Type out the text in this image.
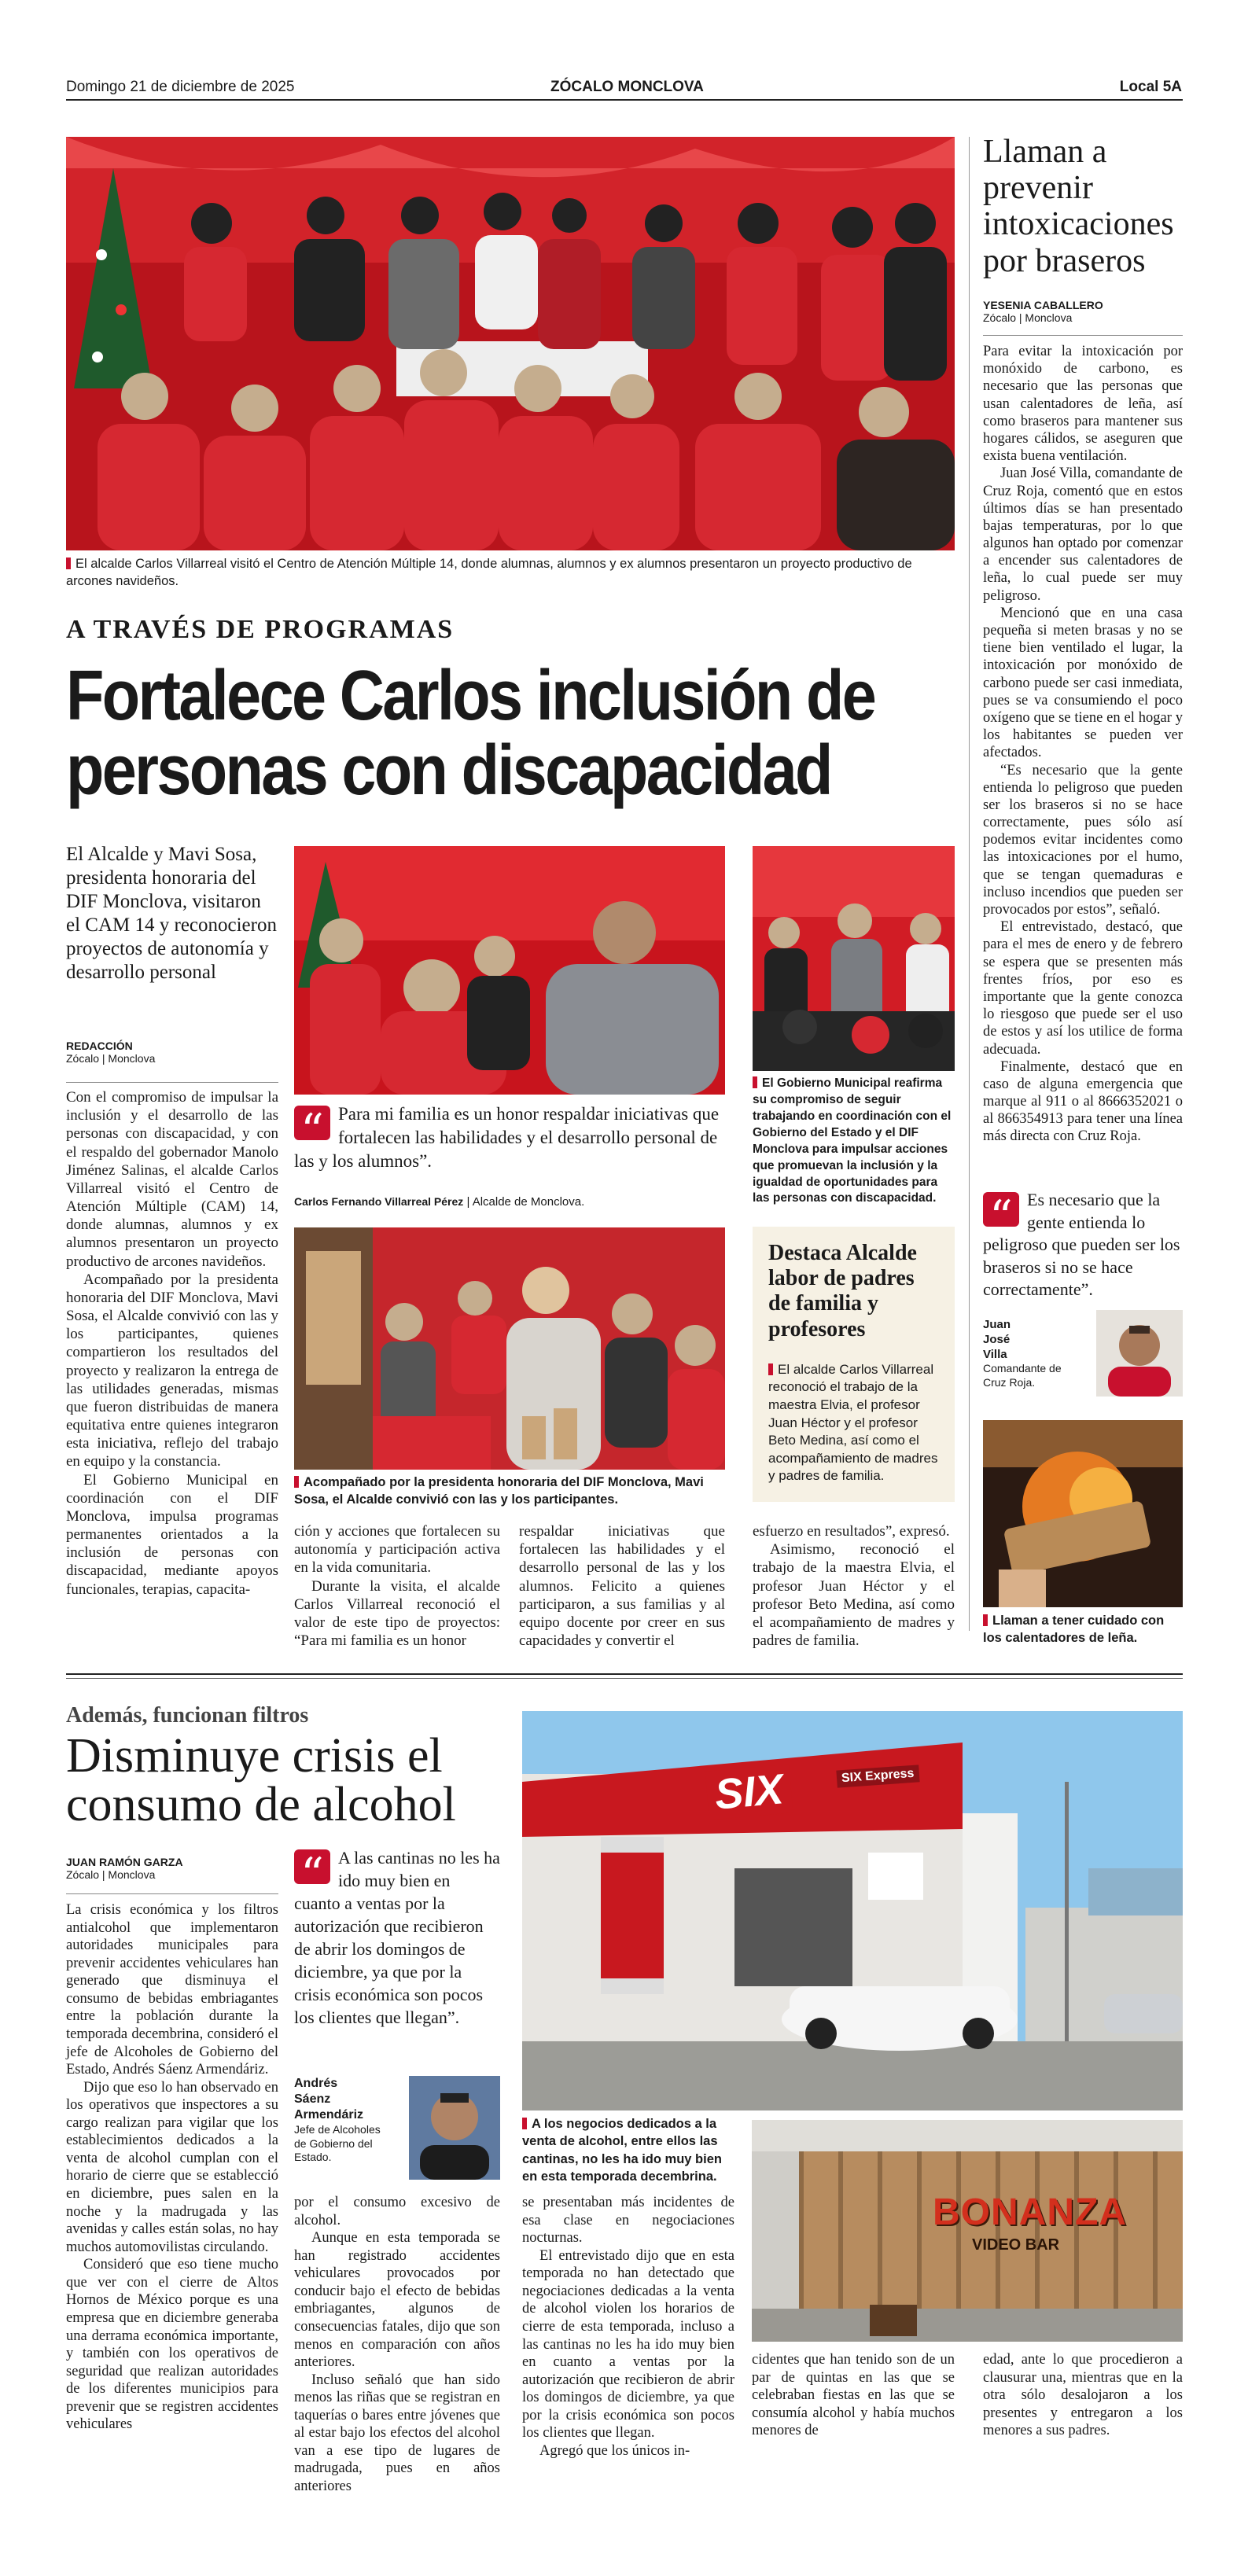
Domingo 21 de diciembre de 2025	ZÓCALO MONCLOVA	Local 5A
El alcalde Carlos Villarreal visitó el Centro de Atención Múltiple 14, donde alumnas, alumnos y ex alumnos presentaron un proyecto productivo de arcones navideños.
A TRAVÉS DE PROGRAMAS
Fortalece Carlos inclusión de personas con discapacidad
El Alcalde y Mavi Sosa, presidenta honoraria del DIF Monclova, visitaron el CAM 14 y reconocieron proyectos de autonomía y desarrollo personal
REDACCIÓN
Zócalo | Monclova
El Gobierno Municipal reafirma su compromiso de seguir trabajando en coordinación con el Gobierno del Estado y el DIF Monclova para impulsar acciones que promuevan la inclusión y la igualdad de oportunidades para las personas con discapacidad.
“ Para mi familia es un honor respaldar iniciativas que fortalecen las habilidades y el desarrollo personal de las y los alumnos”.
Carlos Fernando Villarreal Pérez | Alcalde de Monclova.
Acompañado por la presidenta honoraria del DIF Monclova, Mavi Sosa, el Alcalde convivió con las y los participantes.
Destaca Alcalde labor de padres de familia y profesores
El alcalde Carlos Villarreal reconoció el trabajo de la maestra Elvia, el profesor Juan Héctor y el profesor Beto Medina, así como el acompañamiento de madres y padres de familia.

Con el compromiso de impulsar la inclusión y el desarrollo de las personas con discapacidad, y con el respaldo del gobernador Manolo Jiménez Salinas, el alcalde Carlos Villarreal visitó el Centro de Atención Múltiple (CAM) 14, donde alumnas, alumnos y ex alumnos presentaron un proyecto productivo de arcones navideños.

Acompañado por la presidenta honoraria del DIF Monclova, Mavi Sosa, el Alcalde convivió con las y los participantes, quienes compartieron los resultados del proyecto y realizaron la entrega de las utilidades generadas, mismas que fueron distribuidas de manera equitativa entre quienes integraron esta iniciativa, reflejo del trabajo en equipo y la constancia.

El Gobierno Municipal en coordinación con el DIF Monclova, impulsa programas permanentes orientados a la inclusión de personas con discapacidad, mediante apoyos funcionales, terapias, capacita-

ción y acciones que fortalecen su autonomía y participación activa en la vida comunitaria.

Durante la visita, el alcalde Carlos Villarreal reconoció el valor de este tipo de proyectos: “Para mi familia es un honor

respaldar iniciativas que fortalecen las habilidades y el desarrollo personal de las y los alumnos. Felicito a quienes participaron, a sus familias y al equipo docente por creer en sus capacidades y convertir el

esfuerzo en resultados”, expresó.

Asimismo, reconoció el trabajo de la maestra Elvia, el profesor Juan Héctor y el profesor Beto Medina, así como el acompañamiento de madres y padres de familia.

Llaman a prevenir intoxicaciones por braseros
YESENIA CABALLERO
Zócalo | Monclova

Para evitar la intoxicación por monóxido de carbono, es necesario que las personas que usan calentadores de leña, así como braseros para mantener sus hogares cálidos, se aseguren que exista buena ventilación.

Juan José Villa, comandante de Cruz Roja, comentó que en estos últimos días se han presentado bajas temperaturas, por lo que algunos han optado por comenzar a encender sus calentadores de leña, lo cual puede ser muy peligroso.

Mencionó que en una casa pequeña si meten brasas y no se tiene bien ventilado el lugar, la intoxicación por monóxido de carbono puede ser casi inmediata, pues se va consumiendo el poco oxígeno que se tiene en el hogar y los habitantes se pueden ver afectados.

“Es necesario que la gente entienda lo peligroso que pueden ser los braseros si no se hace correctamente, pues sólo así podemos evitar incidentes como las intoxicaciones por el humo, que se tengan quemaduras e incluso incendios que pueden ser provocados por estos”, señaló.

El entrevistado, destacó, que para el mes de enero y de febrero se espera que se presenten más frentes fríos, por eso es importante que la gente conozca lo riesgoso que puede ser el uso de estos y así los utilice de forma adecuada.

Finalmente, destacó que en caso de alguna emergencia que marque al 911 o al 8666352021 o al 866354913 para tener una línea más directa con Cruz Roja.

“ Es necesario que la gente entienda lo peligroso que pueden ser los braseros si no se hace correctamente”.
Juan José Villa
Comandante de Cruz Roja.
Llaman a tener cuidado con los calentadores de leña.
Además, funcionan filtros
Disminuye crisis el consumo de alcohol
JUAN RAMÓN GARZA
Zócalo | Monclova	“ A las cantinas no les ha ido muy bien en cuanto a ventas por la autorización que recibieron de abrir los domingos de diciembre, ya que por la crisis económica son pocos los clientes que llegan”.
Andrés Sáenz Armendáriz
Jefe de Alcoholes de Gobierno del Estado.
SIX	SIX Express
A los negocios dedicados a la venta de alcohol, entre ellos las cantinas, no les ha ido muy bien en esta temporada decembrina.
BONANZA
VIDEO BAR

La crisis económica y los filtros antialcohol que implementaron autoridades municipales para prevenir accidentes vehiculares han generado que disminuya el consumo de bebidas embriagantes entre la población durante la temporada decembrina, consideró el jefe de Alcoholes de Gobierno del Estado, Andrés Sáenz Armendáriz.

Dijo que eso lo han observado en los operativos que inspectores a su cargo realizan para vigilar que los establecimientos dedicados a la venta de alcohol cumplan con el horario de cierre que se establecció en diciembre, pues salen en la noche y la madrugada y las avenidas y calles están solas, no hay muchos automovilistas circulando.

Consideró que eso tiene mucho que ver con el cierre de Altos Hornos de México porque es una empresa que en diciembre generaba una derrama económica importante, y también con los operativos de seguridad que realizan autoridades de los diferentes municipios para prevenir que se registren accidentes vehiculares

por el consumo excesivo de alcohol.

Aunque en esta temporada se han registrado accidentes vehiculares provocados por conducir bajo el efecto de bebidas embriagantes, algunos de consecuencias fatales, dijo que son menos en comparación con años anteriores.

Incluso señaló que han sido menos las riñas que se registran en taquerías o bares entre jóvenes que al estar bajo los efectos del alcohol van a ese tipo de lugares de madrugada, pues en años anteriores

se presentaban más incidentes de esa clase en negociaciones nocturnas.

El entrevistado dijo que en esta temporada no han detectado que negociaciones dedicadas a la venta de alcohol violen los horarios de cierre de esta temporada, incluso a las cantinas no les ha ido muy bien en cuanto a ventas por la autorización que recibieron de abrir los domingos de diciembre, ya que por la crisis económica son pocos los clientes que llegan.

Agregó que los únicos in-

cidentes que han tenido son de un par de quintas en las que se celebraban fiestas en las que se consumía alcohol y había muchos menores de

edad, ante lo que procedieron a clausurar una, mientras que en la otra sólo desalojaron a los presentes y entregaron a los menores a sus padres.
